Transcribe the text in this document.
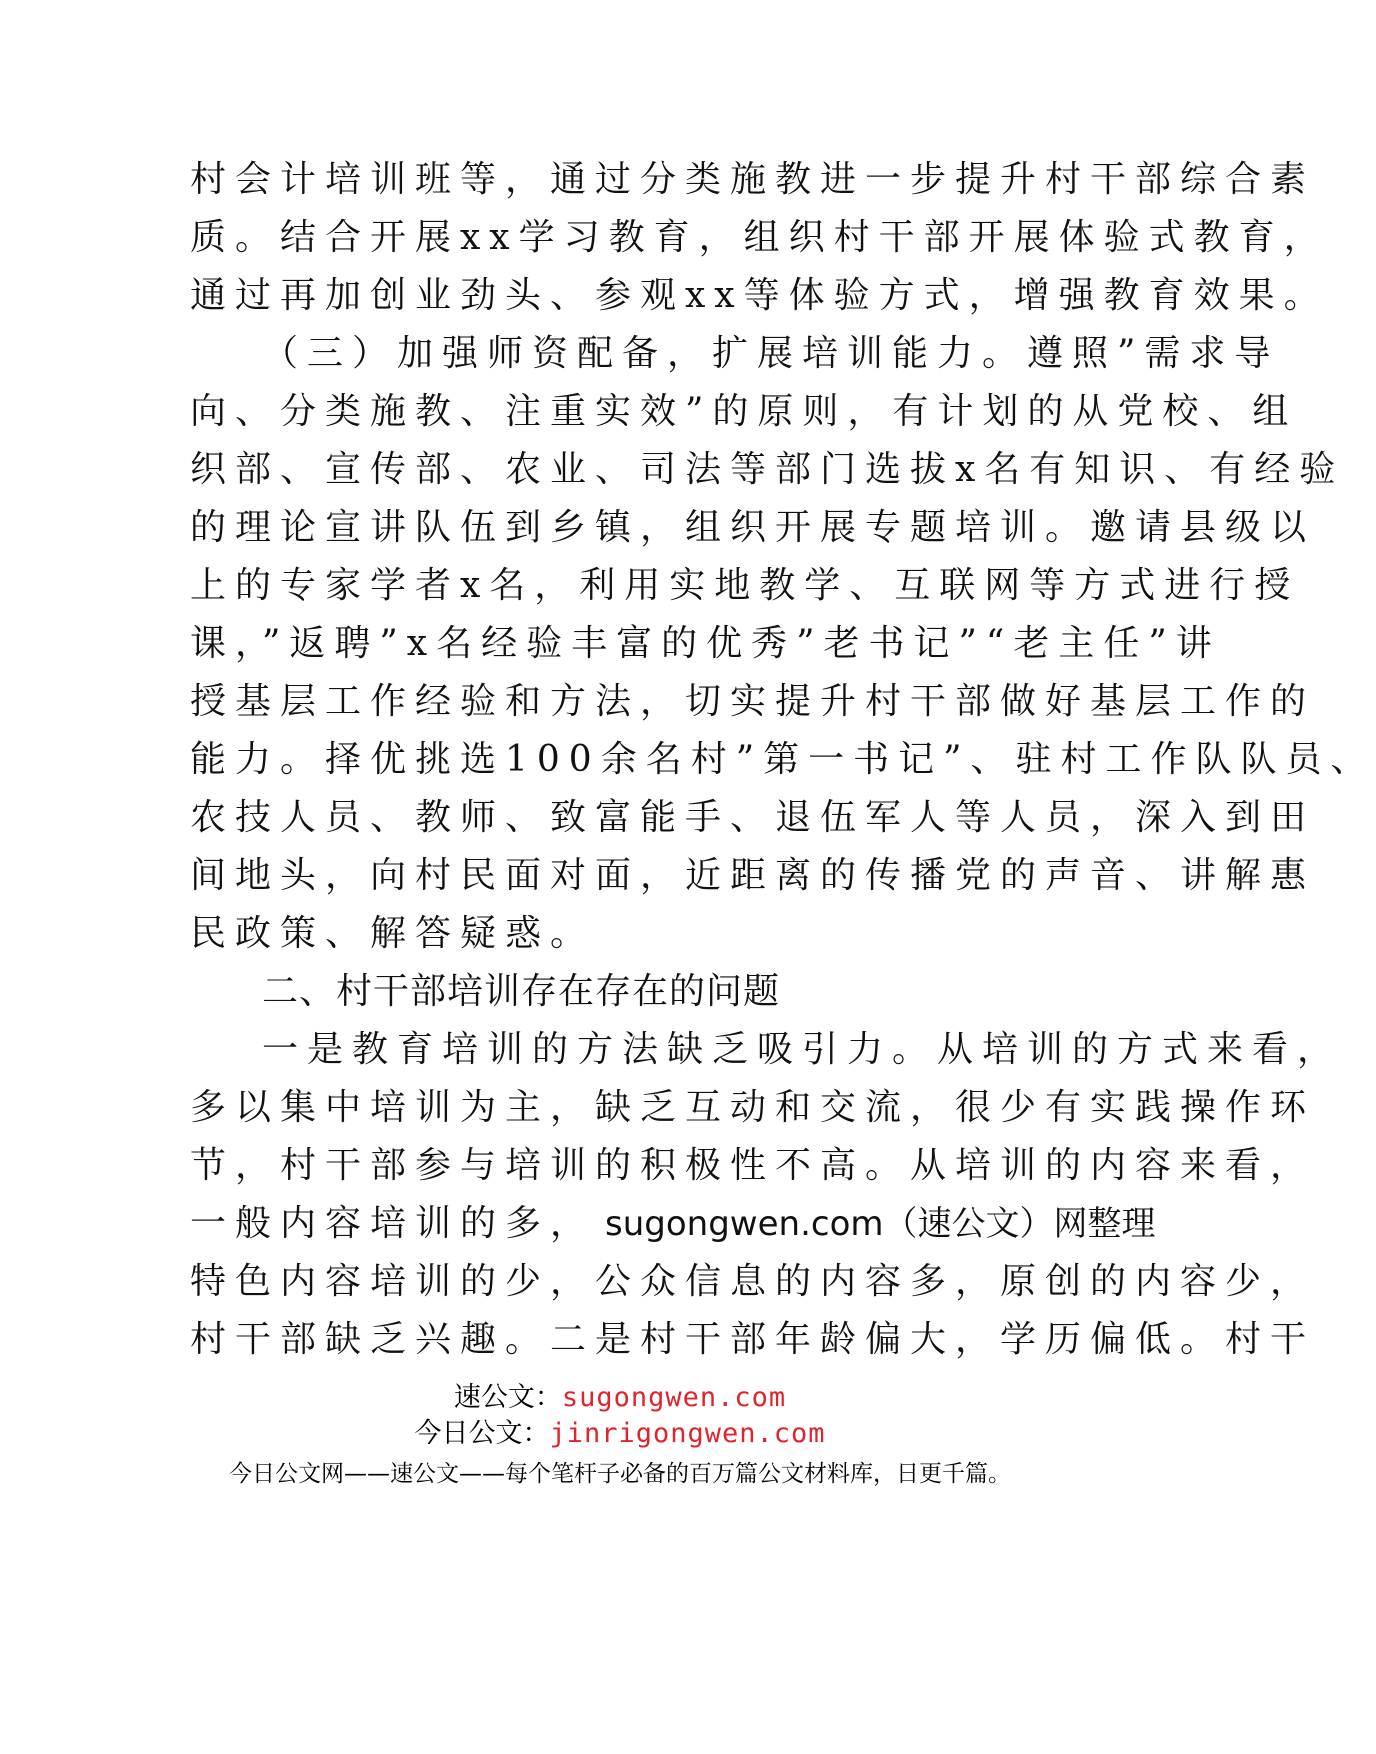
村会计培训班等，通过分类施教进一步提升村干部综合素
质。结合开展xx学习教育，组织村干部开展体验式教育，
通过再加创业劲头、参观xx等体验方式，增强教育效果。
（三）加强师资配备，扩展培训能力。遵照”需求导
向、分类施教、注重实效”的原则，有计划的从党校、组
织部、宣传部、农业、司法等部门选拔x名有知识、有经验
的理论宣讲队伍到乡镇，组织开展专题培训。邀请县级以
上的专家学者x名，利用实地教学、互联网等方式进行授
课，”返聘”x名经验丰富的优秀”老书记”“老主任”讲
授基层工作经验和方法，切实提升村干部做好基层工作的
能力。择优挑选100余名村”第一书记”、驻村工作队队员、
农技人员、教师、致富能手、退伍军人等人员，深入到田
间地头，向村民面对面，近距离的传播党的声音、讲解惠
民政策、解答疑惑。
二、村干部培训存在存在的问题
一是教育培训的方法缺乏吸引力。从培训的方式来看，
多以集中培训为主，缺乏互动和交流，很少有实践操作环
节，村干部参与培训的积极性不高。从培训的内容来看，
一般内容培训的多， sugongwen.com（速公文）网整理
特色内容培训的少，公众信息的内容多，原创的内容少，
村干部缺乏兴趣。二是村干部年龄偏大，学历偏低。村干
速公文：sugongwen.com
今日公文：jinrigongwen.com
今日公文网——速公文——每个笔杆子必备的百万篇公文材料库，日更千篇。
